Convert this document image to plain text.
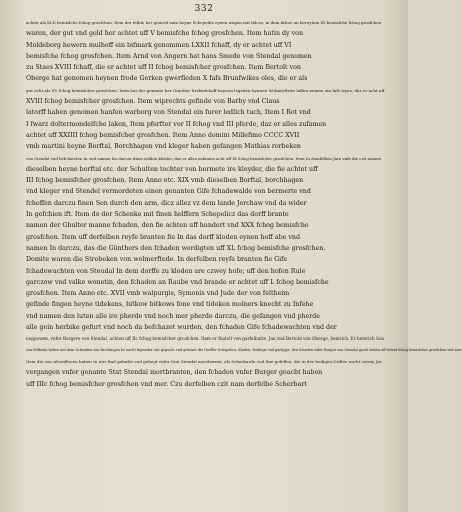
332
achtet als XLII bemisfche fchog grosfchen. Item der felbie her geuerd nam heyne Schepelitz eynen wagen mit falcze, in dem falcze an bereytem III bemisfche fchog grosfchen
waren, der gut vnd geld her achtet uff V bemisfche fchog grosfchen. Item hatin dy von
Moldeborg hewern mulhoff ein bifmark genommen LXXII fchaff, dy er achtet uff VI
bemisfche fchog grosfchen. Item Arnd von Angern hat hans Smede von Stendal genomen
zu Staes XVIII fchaff, die er achtet uff II fchog bemisfcher grosfchen. Item Bertolt von
Oberge hat genomen heynen frode Gerken gwerfleden X fafs Brunfwikes oles, die er als
gut acht als XV fchog bemisfcher grosfchen. Item hat der genante her Gunther Erzbisfchoff heynen legeden hynnen Wolmerftede laffen nemen ein fafs wyns, daz er acht uff
XVIII fchog bemisfcher grosfchen. Item wiprechts gefinde von Barby vnd Claus
latorff haben genomen hanfen warborg von Stendal ein furer ledlich tuch, Item I Rot vnd
I fwarz doltermondelfche laken, Item pferfter vor II fchog vnd III pferde, daz er alles zufamen
achtet uff XXIIII fchog bemisfcher grosfchen. Item Anno domini Millefimo CCCC XVII
vmb martini heyne Borftal, Borchhagen vnd kleger haben gefangen Mathias rorbeken
von Stendal vnd befchatzten In vnd namen Im darczu finen wilden kleider, daz er alles zufamen acht uff IX fchog bemisfcher grosfchen. Item In demfelben Jare vmb die czit namen
dieselben heyne borftal etc. der Schulten tochter von bermete ire kleyder, die fie achtet uff
III fchog bemisfcher grosfchen. Item Anno etc. XIX vmb dieselben Borftal, borchhagen
vnd kleger vnd Stendel vermordeten einen genanten Gife fchadewalde von bermerte vnd
fchoffen darczu finen Son durch den arm, dicz allez vz dem lande Jerchaw vnd da wider
In gefchien ift. Item do der Schenke mit finen helffern Schepelicz das dorff brante
namen der Gbulter manne fchaden, den fie achten uff hundert vnd XXX fchog bemisfche
grosfchen. Item uff derfelben reyfe branten fie In das dorff kloden eynen hoff abe vnd
namen In darczu, das die Günthers den fchaden werdigten uff XL fchog bemisfche grosfchen.
Domite waren die Strobeken von wolmerftede. In derfelben reyfe branten fie Gife
fchadewachten von Steudal In dem dorffe zu kloden are czwey hofe; uff den hofen Rule
garczow vnd valke wonetin, den fchaden an Raube vnd brande er achtet uff L fchog bemisfche
grosfchen. Item Anno etc. XVII vmb walpurgis, Symonis vnd Jude der von feltheim
gefinde fingen heyne tidekens, bitkow bitkows fone vnd tideken molners knecht zu Infehe
vnd namen den luten alle ire pherde vnd noch mer pherde darczu, die gefangen vnd pherde
alle gein herbike gefurt vnd noch da befchazet wurden, den fchaden Gife fchadewachten vnd der
noppowen, vnfer Burgere von Stendal, achten uff IIc fchog bemisfcher grosfchen. Item er Rudolf von garfelbutte, Jan vnd Bertold von Oberge, heinrich, Er heinrich Son
von feltheim haben mit dem Schenken von flechtingen bo nacht fupender czit gepucht vnd gebrant die Dorffer Schepelicz, Kloden, Rodinge vnd gaclippe, den fchaden vnfer Burger von Stendal gacht haben uff tufent fchog bemisfcher grosfchen vnd mer.
Item die von Alvenfleuen haben In irer ftad gehufet vnd gehegt vnfer Stat Stendal mortberner, als Scherbarde vnd fine gefellen, die in des heiligen Criftes nacht czwey Jar
vergangen vnfer genante Stat Stendal mortbranten, den fchaden vnfer Burger geacht haben
uff IIIc fchog bemisfcher grosfchen vnd mer. Czu derfelben czit nam derfelbe Scherbart
